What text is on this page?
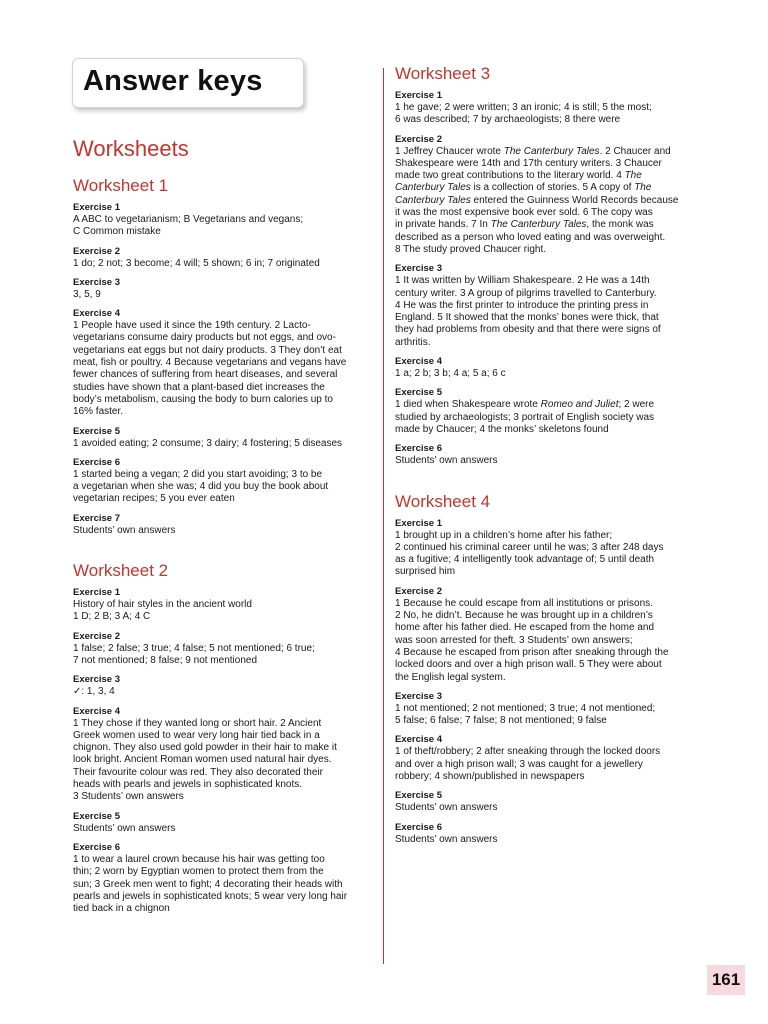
Answer keys
Worksheets
Worksheet 1
Exercise 1
A ABC to vegetarianism; B Vegetarians and vegans;
C Common mistake
Exercise 2
1 do; 2 not; 3 become; 4 will; 5 shown; 6 in; 7 originated
Exercise 3
3, 5, 9
Exercise 4
1 People have used it since the 19th century. 2 Lacto-
vegetarians consume dairy products but not eggs, and ovo-
vegetarians eat eggs but not dairy products. 3 They don’t eat
meat, fish or poultry. 4 Because vegetarians and vegans have
fewer chances of suffering from heart diseases, and several
studies have shown that a plant-based diet increases the
body’s metabolism, causing the body to burn calories up to
16% faster.
Exercise 5
1 avoided eating; 2 consume; 3 dairy; 4 fostering; 5 diseases
Exercise 6
1 started being a vegan; 2 did you start avoiding; 3 to be
a vegetarian when she was; 4 did you buy the book about
vegetarian recipes; 5 you ever eaten
Exercise 7
Students’ own answers
Worksheet 2
Exercise 1
History of hair styles in the ancient world
1 D; 2 B; 3 A; 4 C
Exercise 2
1 false; 2 false; 3 true; 4 false; 5 not mentioned; 6 true;
7 not mentioned; 8 false; 9 not mentioned
Exercise 3
✓: 1, 3, 4
Exercise 4
1 They chose if they wanted long or short hair. 2 Ancient
Greek women used to wear very long hair tied back in a
chignon. They also used gold powder in their hair to make it
look bright. Ancient Roman women used natural hair dyes.
Their favourite colour was red. They also decorated their
heads with pearls and jewels in sophisticated knots.
3 Students’ own answers
Exercise 5
Students’ own answers
Exercise 6
1 to wear a laurel crown because his hair was getting too
thin; 2 worn by Egyptian women to protect them from the
sun; 3 Greek men went to fight; 4 decorating their heads with
pearls and jewels in sophisticated knots; 5 wear very long hair
tied back in a chignon
Worksheet 3
Exercise 1
1 he gave; 2 were written; 3 an ironic; 4 is still; 5 the most;
6 was described; 7 by archaeologists; 8 there were
Exercise 2
1 Jeffrey Chaucer wrote The Canterbury Tales. 2 Chaucer and
Shakespeare were 14th and 17th century writers. 3 Chaucer
made two great contributions to the literary world. 4 The
Canterbury Tales is a collection of stories. 5 A copy of The
Canterbury Tales entered the Guinness World Records because
it was the most expensive book ever sold. 6 The copy was
in private hands. 7 In The Canterbury Tales, the monk was
described as a person who loved eating and was overweight.
8 The study proved Chaucer right.
Exercise 3
1 It was written by William Shakespeare. 2 He was a 14th
century writer. 3 A group of pilgrims travelled to Canterbury.
4 He was the first printer to introduce the printing press in
England. 5 It showed that the monks’ bones were thick, that
they had problems from obesity and that there were signs of
arthritis.
Exercise 4
1 a; 2 b; 3 b; 4 a; 5 a; 6 c
Exercise 5
1 died when Shakespeare wrote Romeo and Juliet; 2 were
studied by archaeologists; 3 portrait of English society was
made by Chaucer; 4 the monks’ skeletons found
Exercise 6
Students’ own answers
Worksheet 4
Exercise 1
1 brought up in a children’s home after his father;
2 continued his criminal career until he was; 3 after 248 days
as a fugitive; 4 intelligently took advantage of; 5 until death
surprised him
Exercise 2
1 Because he could escape from all institutions or prisons.
2 No, he didn’t. Because he was brought up in a children’s
home after his father died. He escaped from the home and
was soon arrested for theft. 3 Students’ own answers;
4 Because he escaped from prison after sneaking through the
locked doors and over a high prison wall. 5 They were about
the English legal system.
Exercise 3
1 not mentioned; 2 not mentioned; 3 true; 4 not mentioned;
5 false; 6 false; 7 false; 8 not mentioned; 9 false
Exercise 4
1 of theft/robbery; 2 after sneaking through the locked doors
and over a high prison wall; 3 was caught for a jewellery
robbery; 4 shown/published in newspapers
Exercise 5
Students’ own answers
Exercise 6
Students’ own answers
161
